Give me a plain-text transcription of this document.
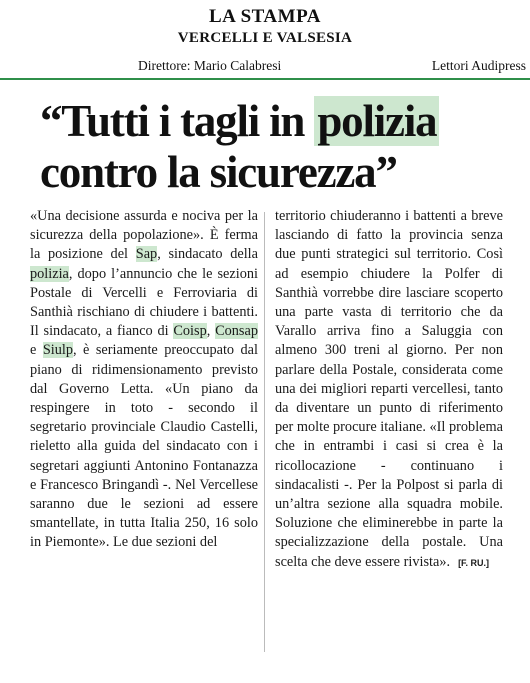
LA STAMPA
VERCELLI E VALSESIA
Direttore: Mario Calabresi	Lettori Audipress
“Tutti i tagli in polizia
contro la sicurezza”
«Una decisione assurda e nociva per la sicurezza della popolazione». È ferma la posizione del Sap, sindacato della polizia, dopo l’annuncio che le sezioni Postale di Vercelli e Ferroviaria di Santhià rischiano di chiudere i battenti. Il sindacato, a fianco di Coisp, Consap e Siulp, è seriamente preoccupato dal piano di ridimensionamento previsto dal Governo Letta. «Un piano da respingere in toto - secondo il segretario provinciale Claudio Castelli, rieletto alla guida del sindacato con i segretari aggiunti Antonino Fontanazza e Francesco Bringandì -. Nel Vercellese saranno due le sezioni ad essere smantellate, in tutta Italia 250, 16 solo in Piemonte». Le due sezioni del
territorio chiuderanno i battenti a breve lasciando di fatto la provincia senza due punti strategici sul territorio. Così ad esempio chiudere la Polfer di Santhià vorrebbe dire lasciare scoperto una parte vasta di territorio che da Varallo arriva fino a Saluggia con almeno 300 treni al giorno. Per non parlare della Postale, considerata come una dei migliori reparti vercellesi, tanto da diventare un punto di riferimento per molte procure italiane. «Il problema che in entrambi i casi si crea è la ricollocazione - continuano i sindacalisti -. Per la Polpost si parla di un’altra sezione alla squadra mobile. Soluzione che eliminerebbe in parte la specializzazione della postale. Una scelta che deve essere rivista». [F. RU.]
